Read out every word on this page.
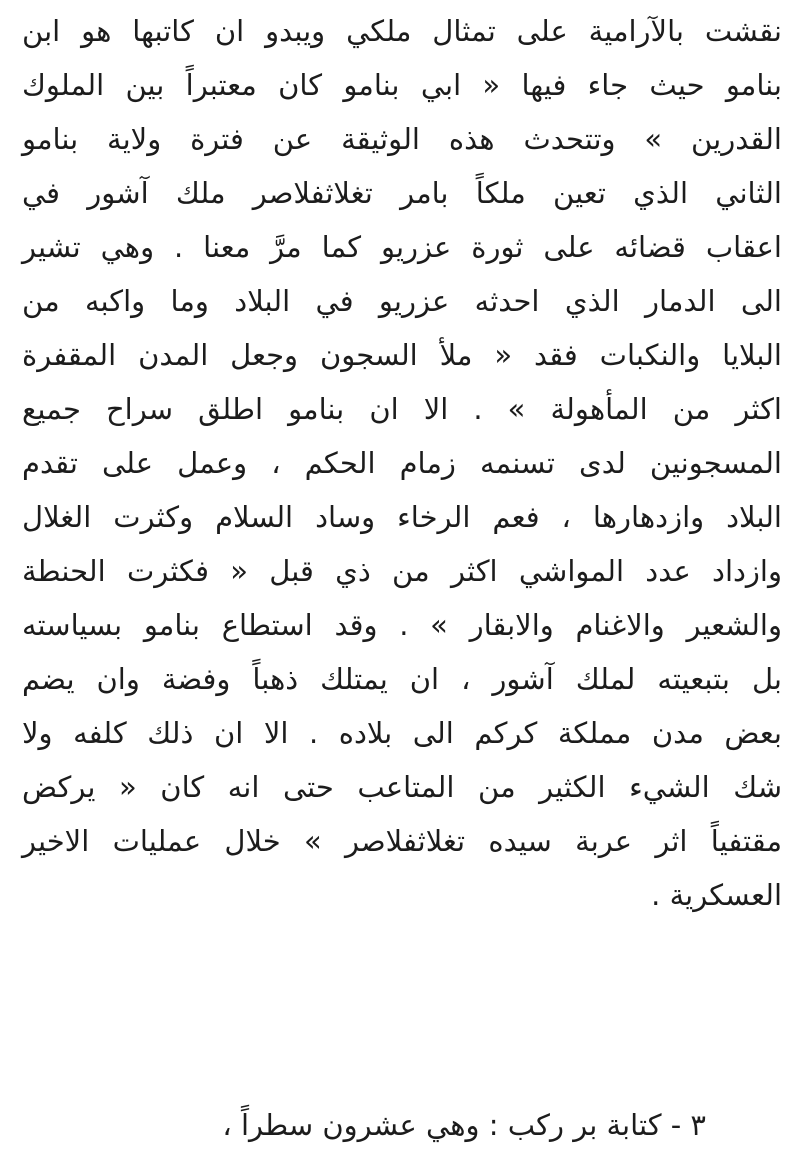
نقشت بالآرامية على تمثال ملكي ويبدو ان كاتبها هو ابن
بنامو حيث جاء فيها « ابي بنامو كان معتبراً بين الملوك
القدرين » وتتحدث هذه الوثيقة عن فترة ولاية بنامو
الثاني الذي تعين ملكاً بامر تغلاثفلاصر ملك آشور في
اعقاب قضائه على ثورة عزريو كما مرَّ معنا . وهي تشير
الى الدمار الذي احدثه عزريو في البلاد وما واكبه من
البلايا والنكبات فقد « ملأ السجون وجعل المدن المقفرة
اكثر من المأهولة » . الا ان بنامو اطلق سراح جميع
المسجونين لدى تسنمه زمام الحكم ، وعمل على تقدم
البلاد وازدهارها ، فعم الرخاء وساد السلام وكثرت الغلال
وازداد عدد المواشي اكثر من ذي قبل « فكثرت الحنطة
والشعير والاغنام والابقار » . وقد استطاع بنامو بسياسته
بل بتبعيته لملك آشور ، ان يمتلك ذهباً وفضة وان يضم
بعض مدن مملكة كركم الى بلاده . الا ان ذلك كلفه ولا
شك الشيء الكثير من المتاعب حتى انه كان « يركض
مقتفياً اثر عربة سيده تغلاثفلاصر » خلال عمليات الاخير
العسكرية .
٣ - كتابة بر ركب : وهي عشرون سطراً ،
